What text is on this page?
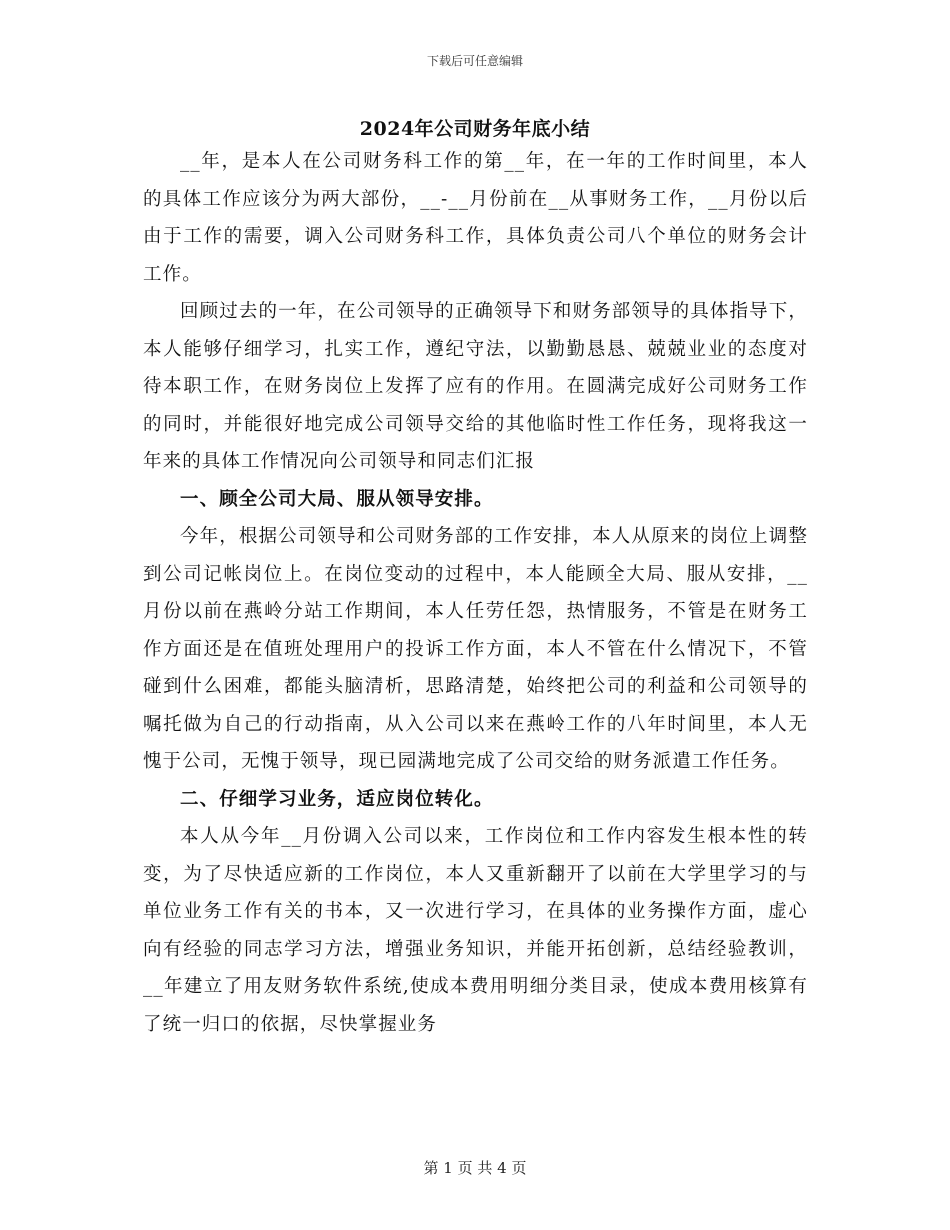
下载后可任意编辑
2024年公司财务年底小结

__年，是本人在公司财务科工作的第__年，在一年的工作时间里，本人的具体工作应该分为两大部份，__-__月份前在__从事财务工作，__月份以后由于工作的需要，调入公司财务科工作，具体负责公司八个单位的财务会计工作。

回顾过去的一年，在公司领导的正确领导下和财务部领导的具体指导下，本人能够仔细学习，扎实工作，遵纪守法，以勤勤恳恳、兢兢业业的态度对待本职工作，在财务岗位上发挥了应有的作用。在圆满完成好公司财务工作的同时，并能很好地完成公司领导交给的其他临时性工作任务，现将我这一年来的具体工作情况向公司领导和同志们汇报

一、顾全公司大局、服从领导安排。

今年，根据公司领导和公司财务部的工作安排，本人从原来的岗位上调整到公司记帐岗位上。在岗位变动的过程中，本人能顾全大局、服从安排，__月份以前在燕岭分站工作期间，本人任劳任怨，热情服务，不管是在财务工作方面还是在值班处理用户的投诉工作方面，本人不管在什么情况下，不管碰到什么困难，都能头脑清析，思路清楚，始终把公司的利益和公司领导的嘱托做为自己的行动指南，从入公司以来在燕岭工作的八年时间里，本人无愧于公司，无愧于领导，现已园满地完成了公司交给的财务派遣工作任务。

二、仔细学习业务，适应岗位转化。

本人从今年__月份调入公司以来，工作岗位和工作内容发生根本性的转变，为了尽快适应新的工作岗位，本人又重新翻开了以前在大学里学习的与单位业务工作有关的书本，又一次进行学习，在具体的业务操作方面，虚心向有经验的同志学习方法，增强业务知识，并能开拓创新，总结经验教训，__年建立了用友财务软件系统,使成本费用明细分类目录，使成本费用核算有了统一归口的依据，尽快掌握业务

第 1 页 共 4 页
